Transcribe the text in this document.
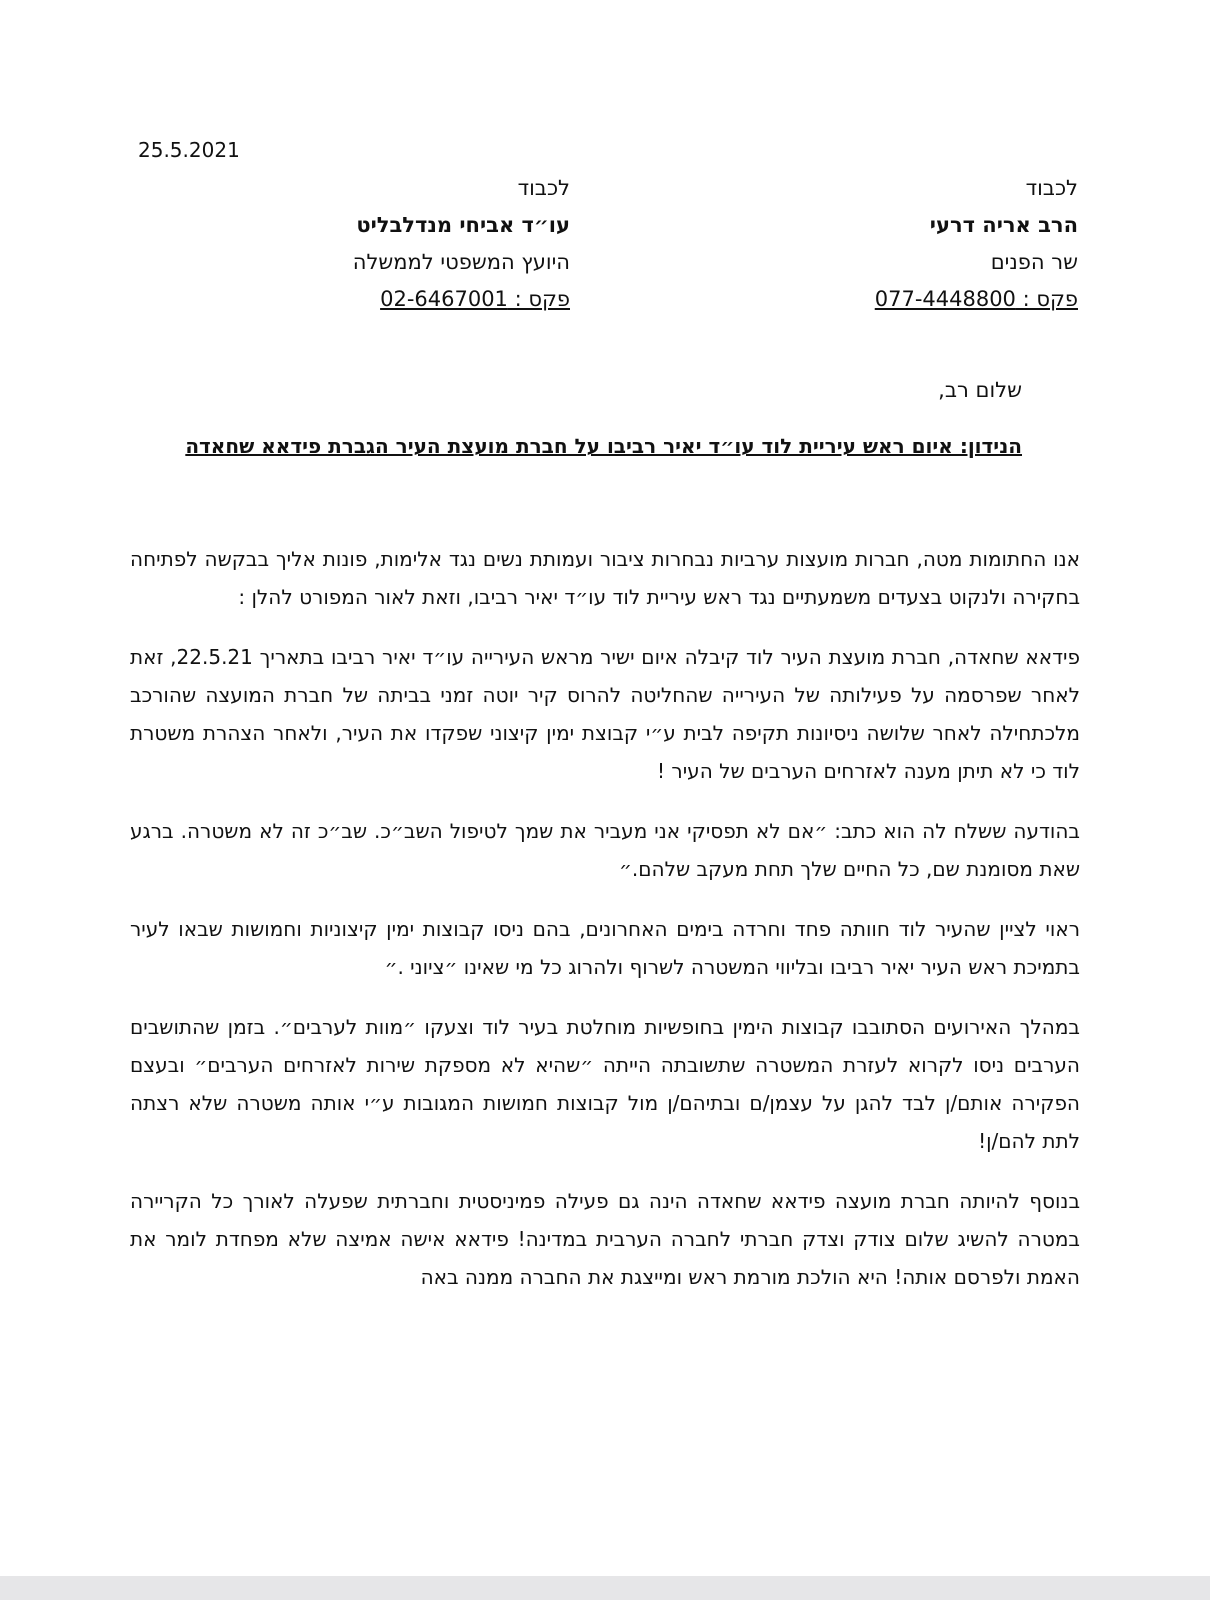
25.5.2021
לכבוד
הרב אריה דרעי
שר הפנים
פקס : 077-4448800
לכבוד
עו״ד אביחי מנדלבליט
היועץ המשפטי לממשלה
פקס : 02-6467001
שלום רב,
הנידון: איום ראש עיריית לוד עו״ד יאיר רביבו על חברת מועצת העיר הגברת פידאא שחאדה

אנו החתומות מטה, חברות מועצות ערביות נבחרות ציבור ועמותת נשים נגד אלימות, פונות אליך בבקשה לפתיחה בחקירה ולנקוט בצעדים משמעתיים נגד ראש עיריית לוד עו״ד יאיר רביבו, וזאת לאור המפורט להלן :

פידאא שחאדה, חברת מועצת העיר לוד קיבלה איום ישיר מראש העירייה עו״ד יאיר רביבו בתאריך 22.5.21, זאת לאחר שפרסמה על פעילותה של העירייה שהחליטה להרוס קיר יוטה זמני בביתה של חברת המועצה שהורכב מלכתחילה לאחר שלושה ניסיונות תקיפה לבית ע״י קבוצת ימין קיצוני שפקדו את העיר, ולאחר הצהרת משטרת לוד כי לא תיתן מענה לאזרחים הערבים של העיר !

בהודעה ששלח לה הוא כתב: ״אם לא תפסיקי אני מעביר את שמך לטיפול השב״כ. שב״כ זה לא משטרה. ברגע שאת מסומנת שם, כל החיים שלך תחת מעקב שלהם.״

ראוי לציין שהעיר לוד חוותה פחד וחרדה בימים האחרונים, בהם ניסו קבוצות ימין קיצוניות וחמושות שבאו לעיר בתמיכת ראש העיר יאיר רביבו ובליווי המשטרה לשרוף ולהרוג כל מי שאינו ״ציוני .״

במהלך האירועים הסתובבו קבוצות הימין בחופשיות מוחלטת בעיר לוד וצעקו ״מוות לערבים״. בזמן שהתושבים הערבים ניסו לקרוא לעזרת המשטרה שתשובתה הייתה ״שהיא לא מספקת שירות לאזרחים הערבים״ ובעצם הפקירה אותם/ן לבד להגן על עצמן/ם ובתיהם/ן מול קבוצות חמושות המגובות ע״י אותה משטרה שלא רצתה לתת להם/ן!

בנוסף להיותה חברת מועצה פידאא שחאדה הינה גם פעילה פמיניסטית וחברתית שפעלה לאורך כל הקריירה במטרה להשיג שלום צודק וצדק חברתי לחברה הערבית במדינה! פידאא אישה אמיצה שלא מפחדת לומר את האמת ולפרסם אותה! היא הולכת מורמת ראש ומייצגת את החברה ממנה באה
